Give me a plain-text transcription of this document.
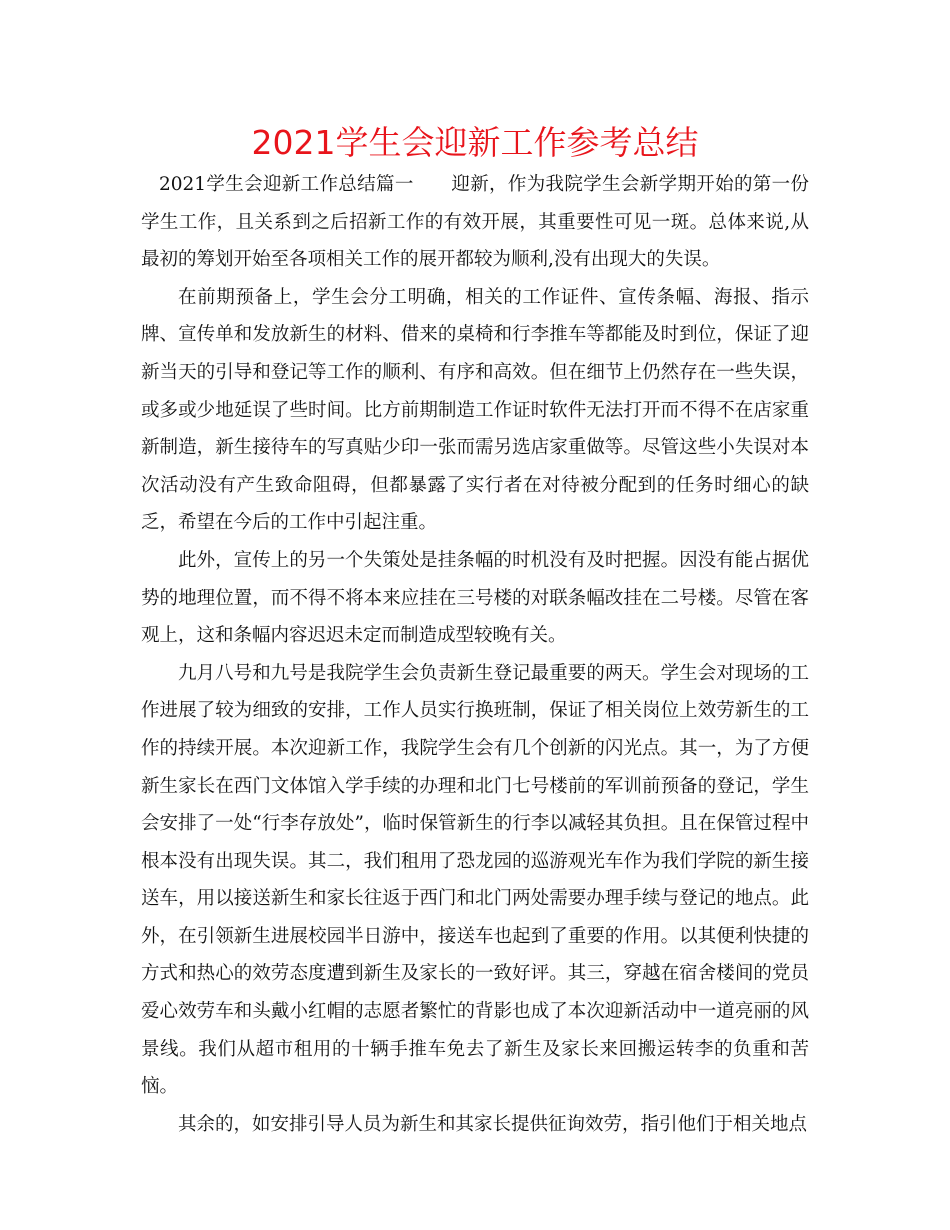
2021学生会迎新工作参考总结

2021学生会迎新工作总结篇一　　迎新，作为我院学生会新学期开始的第一份学生工作，且关系到之后招新工作的有效开展，其重要性可见一斑。总体来说,从最初的筹划开始至各项相关工作的展开都较为顺利,没有出现大的失误。

在前期预备上，学生会分工明确，相关的工作证件、宣传条幅、海报、指示牌、宣传单和发放新生的材料、借来的桌椅和行李推车等都能及时到位，保证了迎新当天的引导和登记等工作的顺利、有序和高效。但在细节上仍然存在一些失误，或多或少地延误了些时间。比方前期制造工作证时软件无法打开而不得不在店家重新制造，新生接待车的写真贴少印一张而需另选店家重做等。尽管这些小失误对本次活动没有产生致命阻碍，但都暴露了实行者在对待被分配到的任务时细心的缺乏，希望在今后的工作中引起注重。

此外，宣传上的另一个失策处是挂条幅的时机没有及时把握。因没有能占据优势的地理位置，而不得不将本来应挂在三号楼的对联条幅改挂在二号楼。尽管在客观上，这和条幅内容迟迟未定而制造成型较晚有关。

九月八号和九号是我院学生会负责新生登记最重要的两天。学生会对现场的工作进展了较为细致的安排，工作人员实行换班制，保证了相关岗位上效劳新生的工作的持续开展。本次迎新工作，我院学生会有几个创新的闪光点。其一，为了方便新生家长在西门文体馆入学手续的办理和北门七号楼前的军训前预备的登记，学生会安排了一处“行李存放处”，临时保管新生的行李以减轻其负担。且在保管过程中根本没有出现失误。其二，我们租用了恐龙园的巡游观光车作为我们学院的新生接送车，用以接送新生和家长往返于西门和北门两处需要办理手续与登记的地点。此外，在引领新生进展校园半日游中，接送车也起到了重要的作用。以其便利快捷的方式和热心的效劳态度遭到新生及家长的一致好评。其三，穿越在宿舍楼间的党员爱心效劳车和头戴小红帽的志愿者繁忙的背影也成了本次迎新活动中一道亮丽的风景线。我们从超市租用的十辆手推车免去了新生及家长来回搬运转李的负重和苦恼。

其余的，如安排引导人员为新生和其家长提供征询效劳，指引他们于相关地点
